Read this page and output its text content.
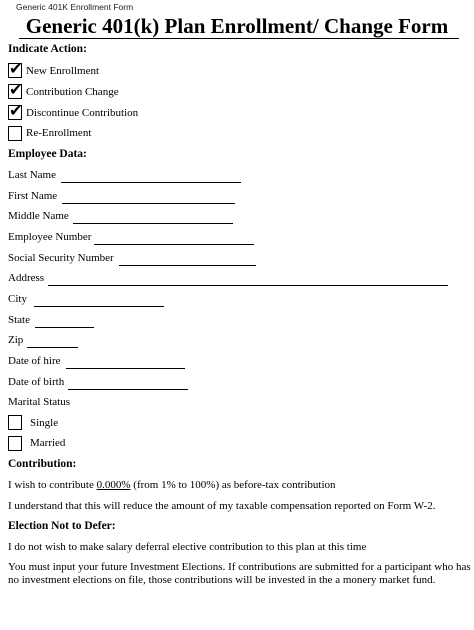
Generic 401K Enrollment Form
Generic 401(k) Plan Enrollment/ Change Form
Indicate Action:
✔ New Enrollment
✔ Contribution Change
✔ Discontinue Contribution
Re-Enrollment
Employee Data:
Last Name
First Name
Middle Name
Employee Number
Social Security Number
Address
City
State
Zip
Date of hire
Date of birth
Marital Status
Single
Married
Contribution:
I wish to contribute 0.000% (from 1% to 100%) as before-tax contribution
I understand that this will reduce the amount of my taxable compensation reported on Form W-2.
Election Not to Defer:
I do not wish to make salary deferral elective contribution to this plan at this time
You must input your future Investment Elections. If contributions are submitted for a participant who has
no investment elections on file, those contributions will be invested in the a monery market fund.
